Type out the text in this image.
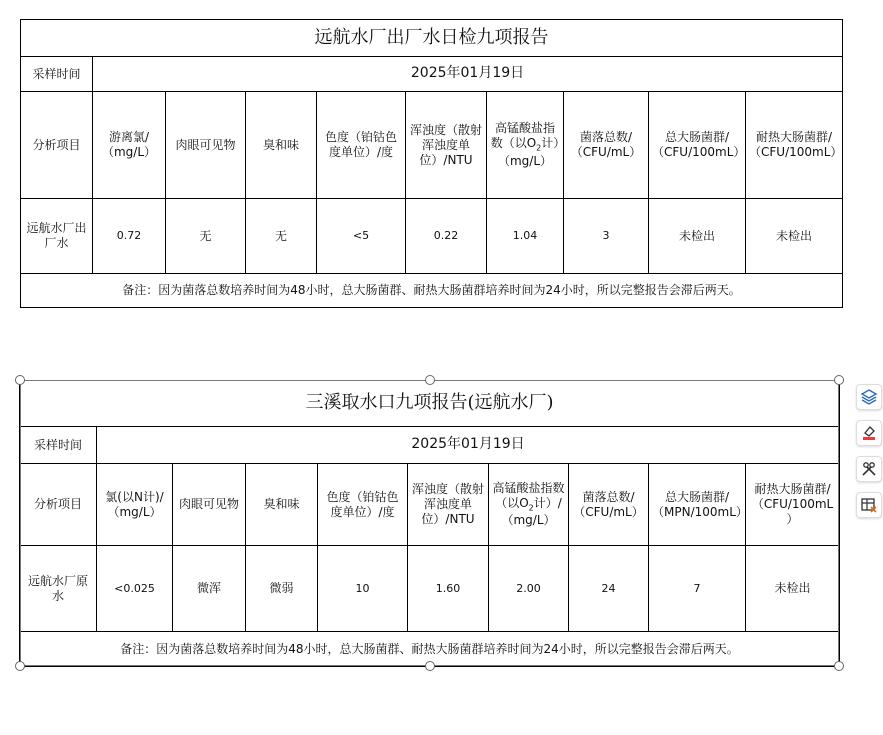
远航水厂出厂水日检九项报告									
采样时间	2025年01月19日								
分析项目	游离氯/（mg/L）	肉眼可见物	臭和味	色度（铂钴色度单位）/度	浑浊度（散射浑浊度单位）/NTU	高锰酸盐指数（以$O_2$计）（mg/L）	菌落总数/（CFU/mL）	总大肠菌群/（CFU/100mL）	耐热大肠菌群/（CFU/100mL）
远航水厂出厂水	0.72	无	无	<5	0.22	1.04	3	未检出	未检出
备注：因为菌落总数培养时间为48小时，总大肠菌群、耐热大肠菌群培养时间为24小时，所以完整报告会滞后两天。									
三溪取水口九项报告(远航水厂)									
采样时间	2025年01月19日								
分析项目	氯(以N计)/（mg/L）	肉眼可见物	臭和味	色度（铂钴色度单位）/度	浑浊度（散射浑浊度单位）/NTU	高锰酸盐指数（以$O_2$计）/（mg/L）	菌落总数/（CFU/mL）	总大肠菌群/（MPN/100mL）	耐热大肠菌群/（CFU/100mL）
远航水厂原水	<0.025	微浑	微弱	10	1.60	2.00	24	7	未检出
备注：因为菌落总数培养时间为48小时，总大肠菌群、耐热大肠菌群培养时间为24小时，所以完整报告会滞后两天。									
